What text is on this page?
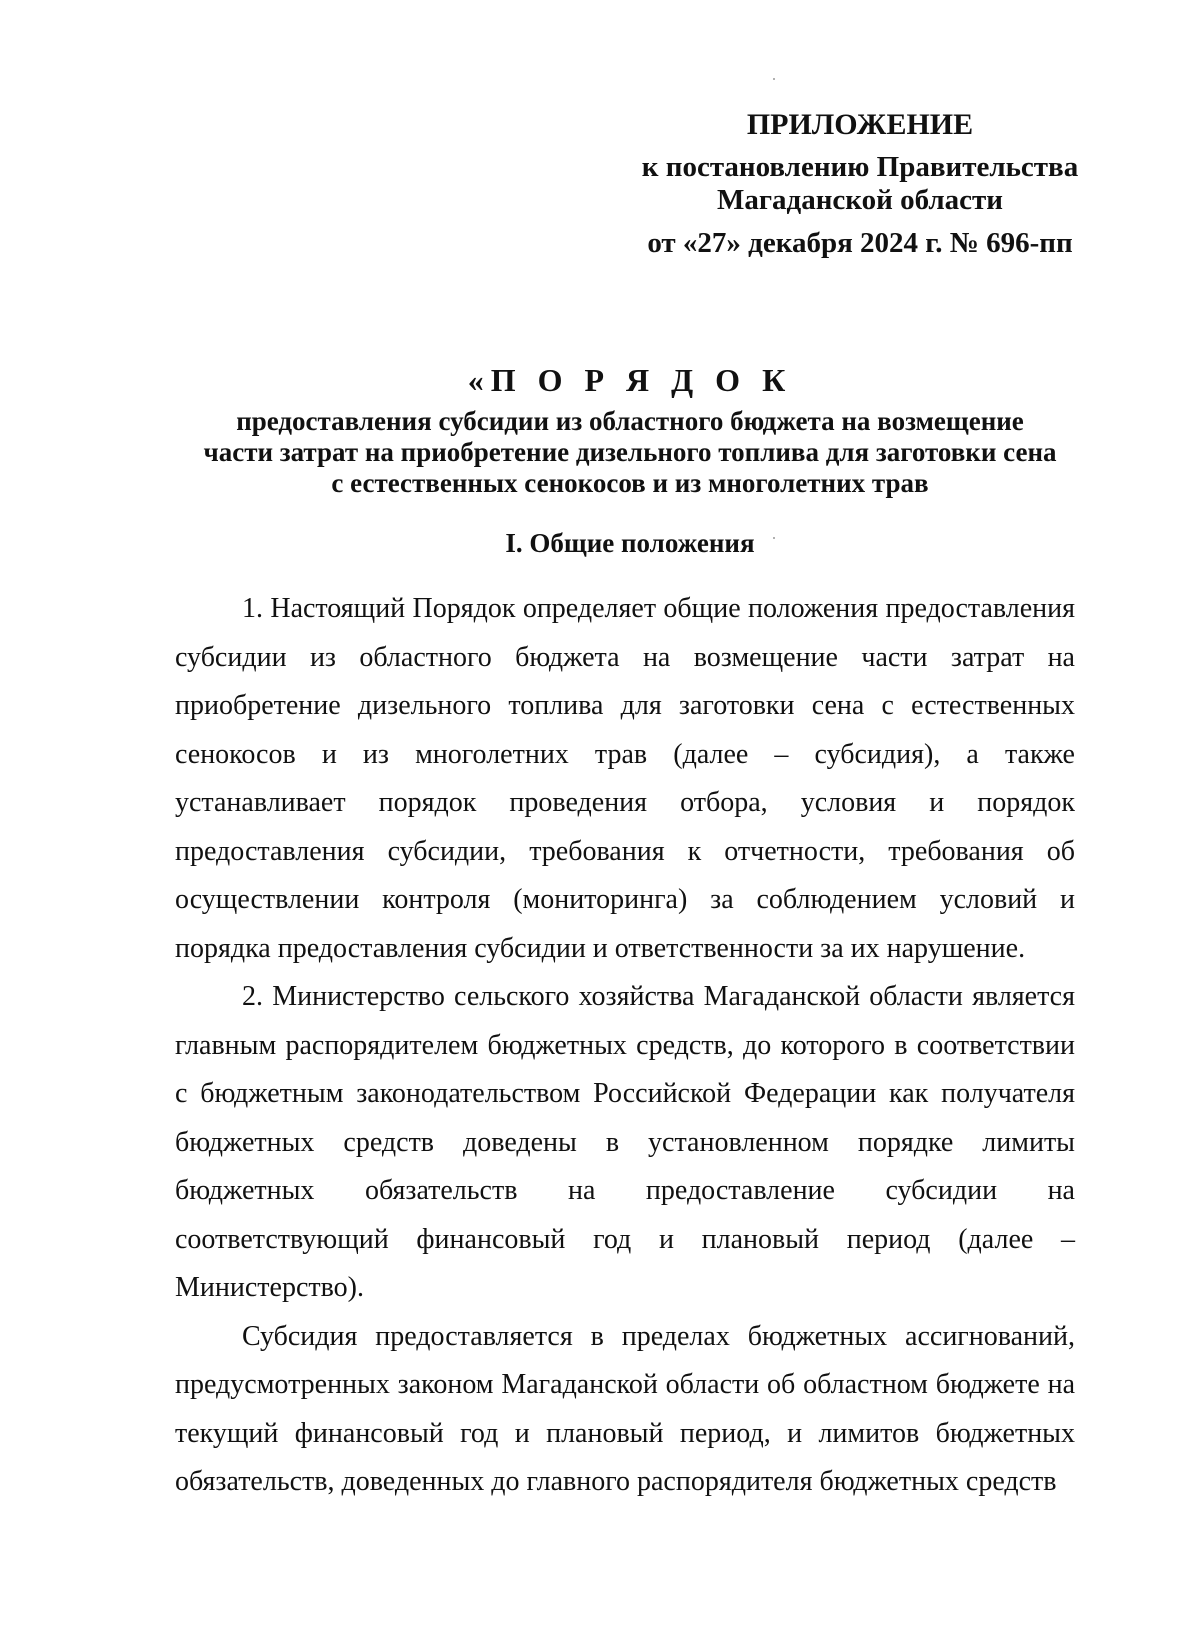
ПРИЛОЖЕНИЕ
к постановлению Правительства
Магаданской области
от «27» декабря 2024 г. № 696-пп
«П О Р Я Д О К
предоставления субсидии из областного бюджета на возмещение
части затрат на приобретение дизельного топлива для заготовки сена
с естественных сенокосов и из многолетних трав
I. Общие положения

1. Настоящий Порядок определяет общие положения предоставления субсидии из областного бюджета на возмещение части затрат на приобретение дизельного топлива для заготовки сена с естественных сенокосов и из многолетних трав (далее – субсидия), а также устанавливает порядок проведения отбора, условия и порядок предоставления субсидии, требования к отчетности, требования об осуществлении контроля (мониторинга) за соблюдением условий и порядка предоставления субсидии и ответственности за их нарушение.

2. Министерство сельского хозяйства Магаданской области является главным распорядителем бюджетных средств, до которого в соответствии с бюджетным законодательством Российской Федерации как получателя бюджетных средств доведены в установленном порядке лимиты бюджетных обязательств на предоставление субсидии на соответствующий финансовый год и плановый период (далее – Министерство).

Субсидия предоставляется в пределах бюджетных ассигнований, предусмотренных законом Магаданской области об областном бюджете на текущий финансовый год и плановый период, и лимитов бюджетных обязательств, доведенных до главного распорядителя бюджетных средств
